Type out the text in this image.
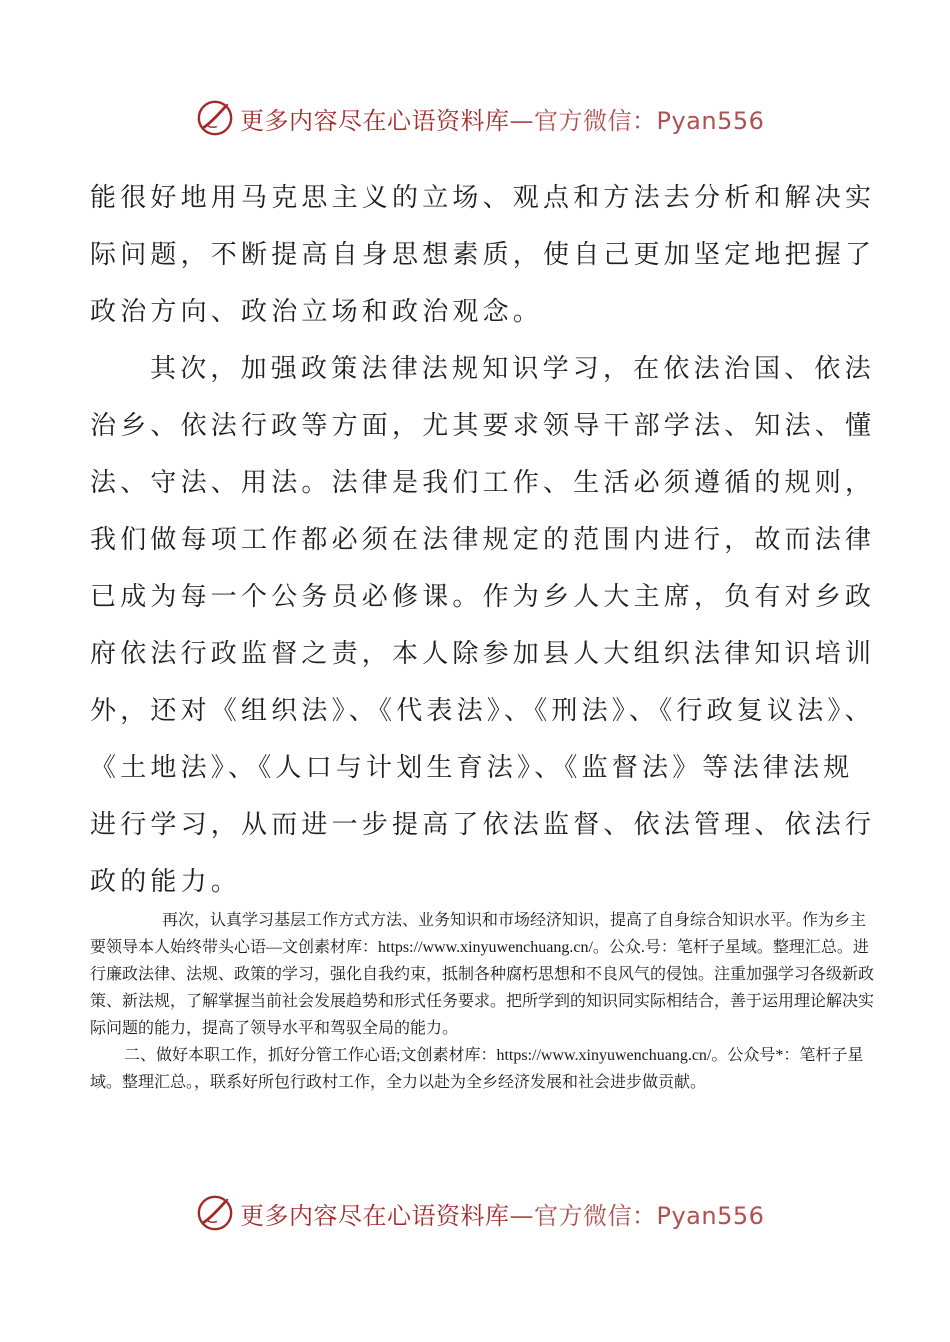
更多内容尽在心语资料库—官方微信：Pyan556

能很好地用马克思主义的立场、观点和方法去分析和解决实际问题，不断提高自身思想素质，使自己更加坚定地把握了政治方向、政治立场和政治观念。

其次，加强政策法律法规知识学习，在依法治国、依法治乡、依法行政等方面，尤其要求领导干部学法、知法、懂法、守法、用法。法律是我们工作、生活必须遵循的规则，我们做每项工作都必须在法律规定的范围内进行，故而法律已成为每一个公务员必修课。作为乡人大主席，负有对乡政府依法行政监督之责，本人除参加县人大组织法律知识培训外，还对《组织法》、《代表法》、《刑法》、《行政复议法》、《土地法》、《人口与计划生育法》、《监督法》等法律法规进行学习，从而进一步提高了依法监督、依法管理、依法行政的能力。

再次，认真学习基层工作方式方法、业务知识和市场经济知识，提高了自身综合知识水平。作为乡主要领导本人始终带头心语—文创素材库：https://www.xinyuwenchuang.cn/。公众.号：笔杆子星域。整理汇总。进行廉政法律、法规、政策的学习，强化自我约束，抵制各种腐朽思想和不良风气的侵蚀。注重加强学习各级新政策、新法规，了解掌握当前社会发展趋势和形式任务要求。把所学到的知识同实际相结合，善于运用理论解决实际问题的能力，提高了领导水平和驾驭全局的能力。

二、做好本职工作，抓好分管工作心语;文创素材库：https://www.xinyuwenchuang.cn/。公众号*：笔杆子星域。整理汇总。，联系好所包行政村工作，全力以赴为全乡经济发展和社会进步做贡献。

更多内容尽在心语资料库—官方微信：Pyan556
